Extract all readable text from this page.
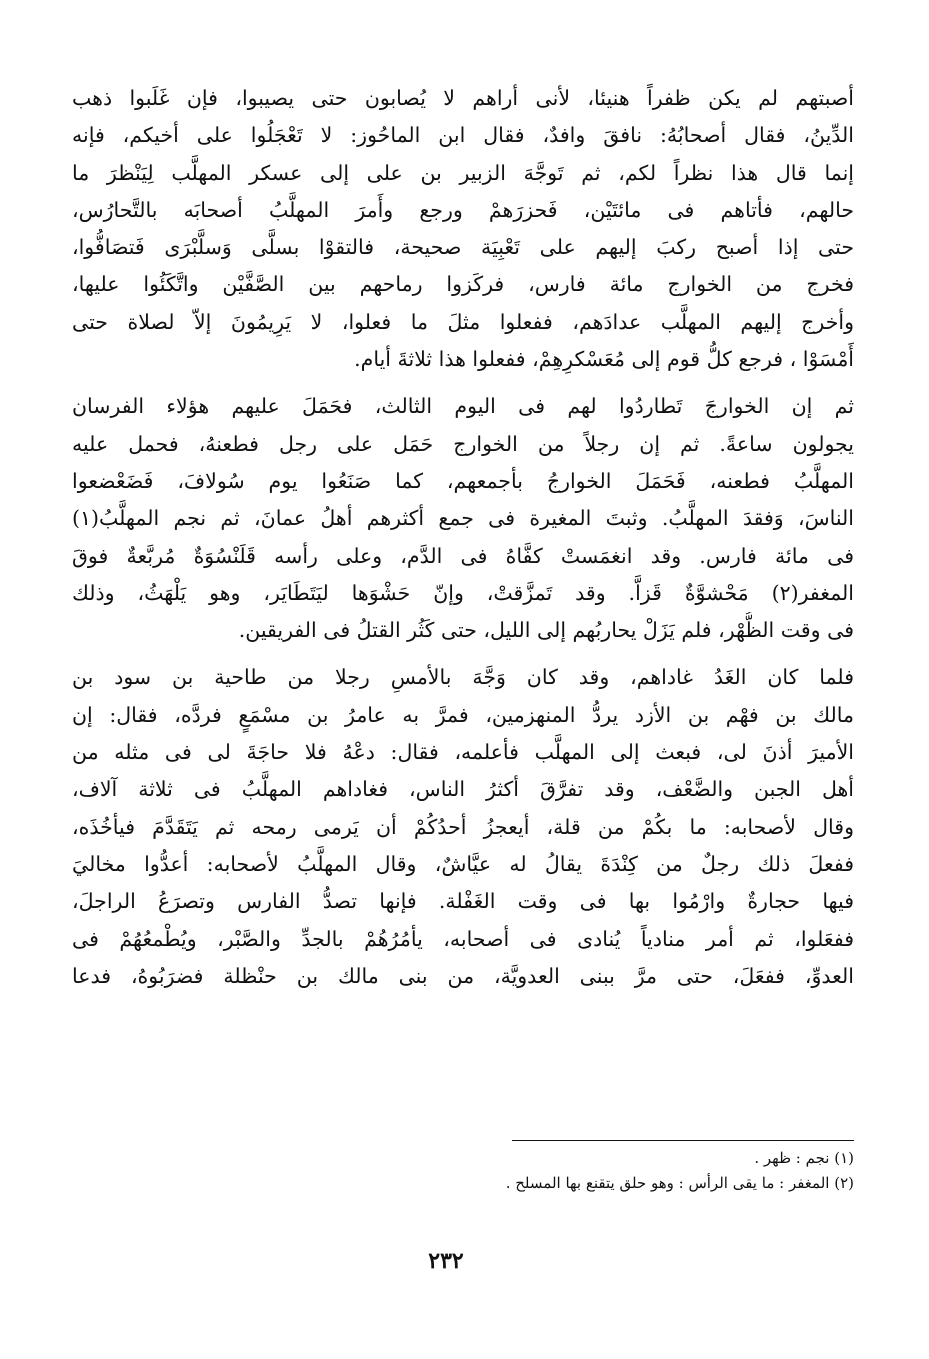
أصبتهم لم يكن ظفراً هنيئا، لأنى أراهم لا يُصابون حتى يصيبوا، فإن غَلَبوا ذهب
الدِّينُ، فقال أصحابُهُ: نافقَ وافدٌ، فقال ابن الماحُوز: لا تَعْجَلُوا على أخيكم، فإنه
إنما قال هذا نظراً لكم، ثم تَوجَّهَ الزبير بن على إلى عسكر المهلَّب لِيَنْظرَ ما
حالهم، فأتاهم فى مائتَيْن، فَحزرَهمْ ورجع وأَمرَ المهلَّبُ أصحابَه بالتَّحارُس،
حتى إذا أصبح ركبَ إليهم على تَعْبِيَة صحيحة، فالتقوْا بسلَّى وَسلَّبْرَى فَتصَافُّوا،
فخرج من الخوارج مائة فارس، فركَزوا رماحهم بين الصَّفَّيْن واتَّكَئُوا عليها،
وأخرج إليهم المهلَّب عدادَهم، ففعلوا مثلَ ما فعلوا، لا يَرِيمُونَ إلاّ لصلاة حتى
أَمْسَوْا ، فرجع كلُّ قوم إلى مُعَسْكرِهِمْ، ففعلوا هذا ثلاثةَ أيام.
ثم إن الخوارجَ تَطاردُوا لهم فى اليوم الثالث، فحَمَلَ عليهم هؤلاء الفرسان
يجولون ساعةً. ثم إن رجلاً من الخوارج حَمَل على رجل فطعنهُ، فحمل عليه
المهلَّبُ فطعنه، فَحَمَلَ الخوارجُ بأجمعهم، كما صَنَعُوا يوم سُولافَ، فَضَعْضعوا
الناسَ، وَفقدَ المهلَّبُ. وثبتَ المغيرة فى جمع أكثرهم أهلُ عمانَ، ثم نجم المهلَّبُ(١)
فى مائة فارس. وقد انغمَستْ كفَّاهُ فى الدَّم، وعلى رأسه قَلَنْسُوَةٌ مُربَّعةٌ فوقَ
المغفر(٢) مَحْشوَّةٌ قَزاًّ. وقد تَمزَّقتْ، وإنّ حَشْوَها ليَتَطَايَر، وهو يَلْهَثُ، وذلك
فى وقت الظُّهْر، فلم يَزَلْ يحاربُهم إلى الليل، حتى كَثُر القتلُ فى الفريقين.
فلما كان الغَدُ غاداهم، وقد كان وَجَّهَ بالأمسِ رجلا من طاحية بن سود بن
مالك بن فهْم بن الأزد يردُّ المنهزمين، فمرَّ به عامرُ بن مسْمَعٍ فردَّه، فقال: إن
الأميرَ أذنَ لى، فبعث إلى المهلَّب فأعلمه، فقال: دعْهُ فلا حاجَةَ لى فى مثله من
أهل الجبن والضَّعْف، وقد تفرَّقَ أكثرُ الناس، فغاداهم المهلَّبُ فى ثلاثة آلاف،
وقال لأصحابه: ما بكُمْ من قلة، أيعجزُ أحدُكُمْ أن يَرمى رمحه ثم يَتَقَدَّمَ فيأخُذَه،
ففعلَ ذلك رجلٌ من كِنْدَةَ يقالُ له عيَّاشٌ، وقال المهلَّبُ لأصحابه: أعدُّوا مخاليَ
فيها حجارةٌ وارْمُوا بها فى وقت الغَفْلة. فإنها تصدُّ الفارس وتصرَعُ الراجلَ،
ففعَلوا، ثم أمر منادياً يُنادى فى أصحابه، يأمُرُهُمْ بالجدِّ والصَّبْر، ويُطْمعُهُمْ فى
العدوِّ، ففعَلَ، حتى مرَّ ببنى العدويَّة، من بنى مالك بن حنْظلة فضرَبُوهُ، فدعا
(١) نجم : ظهر .
(٢) المغفر : ما يقى الرأس : وهو حلق يتقنع بها المسلح .
٢٣٢
